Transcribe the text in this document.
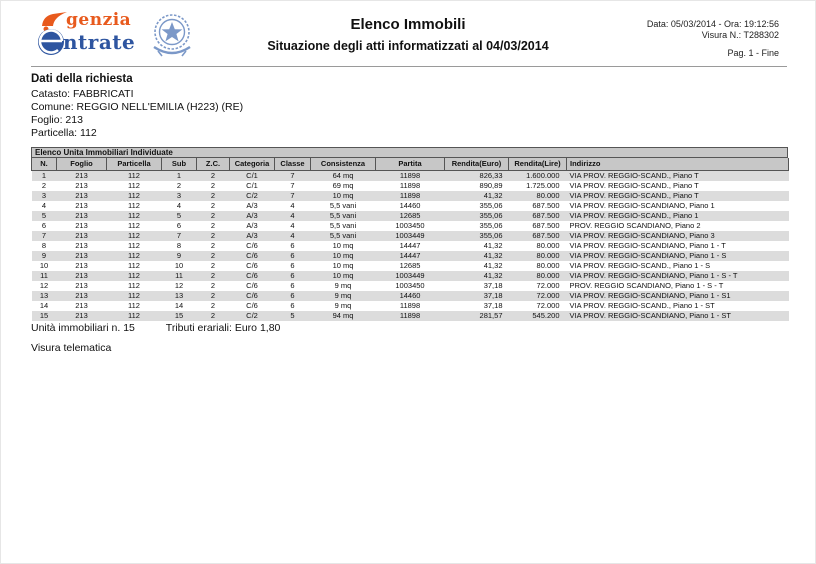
genzia
ntrate
Elenco Immobili
Situazione degli atti informatizzati al 04/03/2014
Data: 05/03/2014 - Ora: 19:12:56
Visura N.: T288302
Pag. 1 - Fine
Dati della richiesta
Catasto: FABBRICATI
Comune: REGGIO NELL'EMILIA (H223) (RE)
Foglio: 213
Particella: 112
Elenco Unita Immobiliari Individuate
N.	Foglio	Particella	Sub	Z.C.	Categoria	Classe	Consistenza	Partita	Rendita(Euro)	Rendita(Lire)	Indirizzo
1	213	112	1	2	C/1	7	64 mq	11898	826,33	1.600.000	VIA PROV. REGGIO-SCAND., Piano T
2	213	112	2	2	C/1	7	69 mq	11898	890,89	1.725.000	VIA PROV. REGGIO-SCAND., Piano T
3	213	112	3	2	C/2	7	10 mq	11898	41,32	80.000	VIA PROV. REGGIO-SCAND., Piano T
4	213	112	4	2	A/3	4	5,5 vani	14460	355,06	687.500	VIA PROV. REGGIO-SCANDIANO, Piano 1
5	213	112	5	2	A/3	4	5,5 vani	12685	355,06	687.500	VIA PROV. REGGIO-SCAND., Piano 1
6	213	112	6	2	A/3	4	5,5 vani	1003450	355,06	687.500	PROV. REGGIO SCANDIANO, Piano 2
7	213	112	7	2	A/3	4	5,5 vani	1003449	355,06	687.500	VIA PROV. REGGIO-SCANDIANO, Piano 3
8	213	112	8	2	C/6	6	10 mq	14447	41,32	80.000	VIA PROV. REGGIO-SCANDIANO, Piano 1 - T
9	213	112	9	2	C/6	6	10 mq	14447	41,32	80.000	VIA PROV. REGGIO-SCANDIANO, Piano 1 - S
10	213	112	10	2	C/6	6	10 mq	12685	41,32	80.000	VIA PROV. REGGIO-SCAND., Piano 1 - S
11	213	112	11	2	C/6	6	10 mq	1003449	41,32	80.000	VIA PROV. REGGIO-SCANDIANO, Piano 1 - S - T
12	213	112	12	2	C/6	6	9 mq	1003450	37,18	72.000	PROV. REGGIO SCANDIANO, Piano 1 - S - T
13	213	112	13	2	C/6	6	9 mq	14460	37,18	72.000	VIA PROV. REGGIO-SCANDIANO, Piano 1 - S1
14	213	112	14	2	C/6	6	9 mq	11898	37,18	72.000	VIA PROV. REGGIO-SCAND., Piano 1 - ST
15	213	112	15	2	C/2	5	94 mq	11898	281,57	545.200	VIA PROV. REGGIO-SCANDIANO, Piano 1 - ST
Unità immobiliari n. 15	Tributi erariali: Euro 1,80
Visura telematica
